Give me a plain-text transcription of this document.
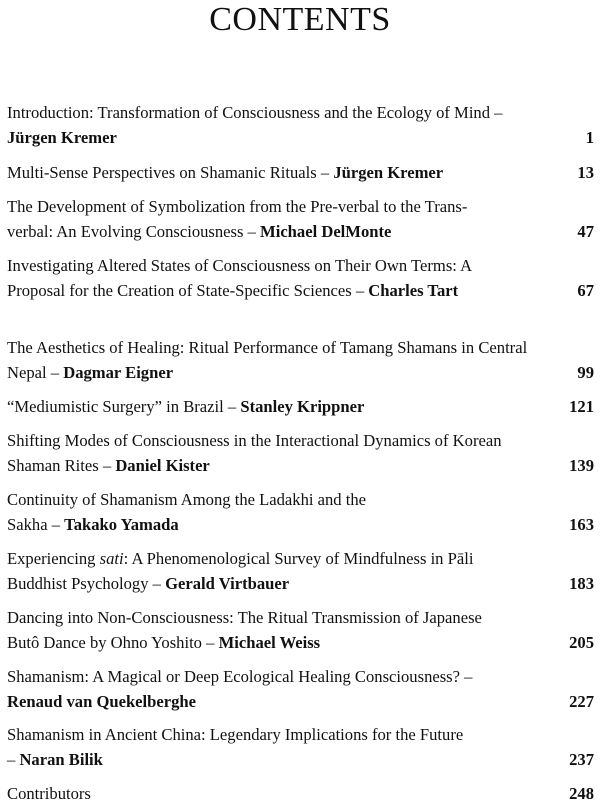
CONTENTS
Introduction: Transformation of Consciousness and the Ecology of Mind – Jürgen Kremer	1
Multi-Sense Perspectives on Shamanic Rituals – Jürgen Kremer	13
The Development of Symbolization from the Pre-verbal to the Trans-verbal: An Evolving Consciousness – Michael DelMonte	47
Investigating Altered States of Consciousness on Their Own Terms: A Proposal for the Creation of State-Specific Sciences – Charles Tart	67
The Aesthetics of Healing: Ritual Performance of Tamang Shamans in Central Nepal – Dagmar Eigner	99
“Mediumistic Surgery” in Brazil – Stanley Krippner	121
Shifting Modes of Consciousness in the Interactional Dynamics of Korean Shaman Rites – Daniel Kister	139
Continuity of Shamanism Among the Ladakhi and the Sakha – Takako Yamada	163
Experiencing sati: A Phenomenological Survey of Mindfulness in Pāli Buddhist Psychology – Gerald Virtbauer	183
Dancing into Non-Consciousness: The Ritual Transmission of Japanese Butô Dance by Ohno Yoshito – Michael Weiss	205
Shamanism: A Magical or Deep Ecological Healing Consciousness? – Renaud van Quekelberghe	227
Shamanism in Ancient China: Legendary Implications for the Future – Naran Bilik	237
Contributors	248
